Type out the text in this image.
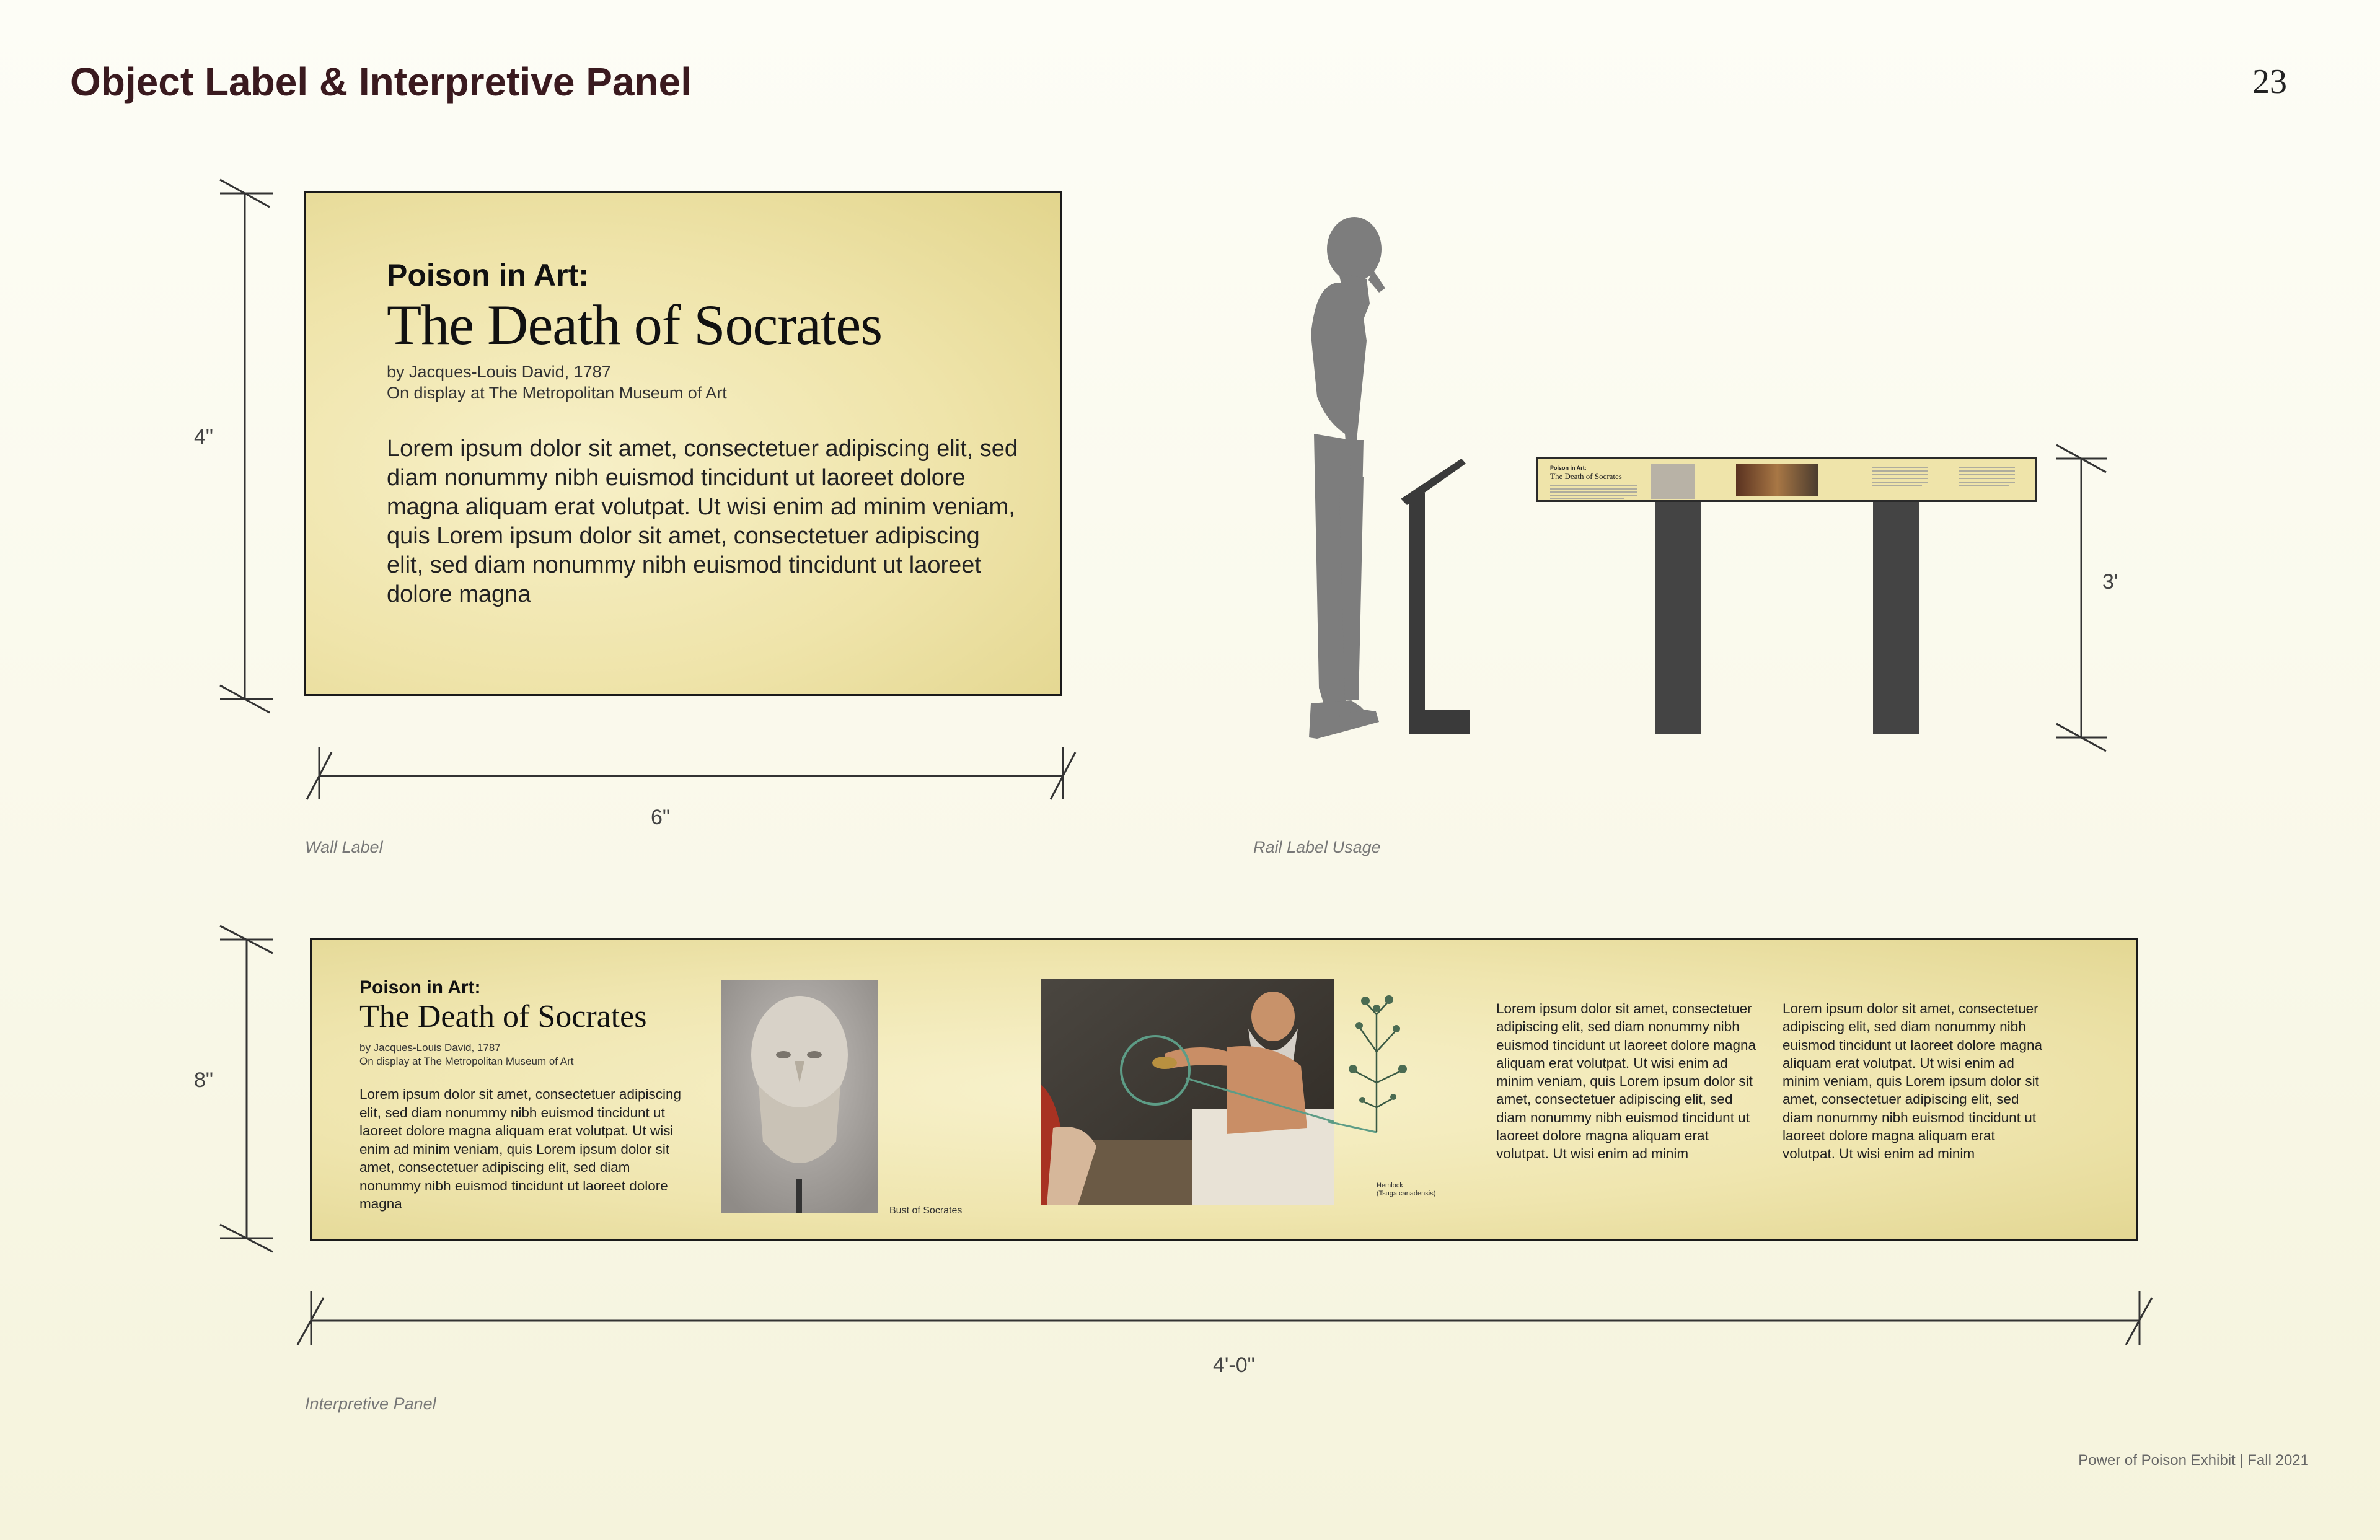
Object Label & Interpretive Panel	23
4"
6"
Wall Label
Poison in Art:
The Death of Socrates
by Jacques-Louis David, 1787
On display at The Metropolitan Museum of Art
Lorem ipsum dolor sit amet, consectetuer adipiscing elit, sed diam nonummy nibh euismod tincidunt ut laoreet dolore magna aliquam erat volutpat. Ut wisi enim ad minim veniam, quis Lorem ipsum dolor sit amet, consectetuer adipiscing elit, sed diam nonummy nibh euismod tincidunt ut laoreet dolore magna
Poison in Art:
The Death of Socrates
3'
Rail Label Usage
Poison in Art:
The Death of Socrates
by Jacques-Louis David, 1787
On display at The Metropolitan Museum of Art
Lorem ipsum dolor sit amet, consectetuer adipiscing elit, sed diam nonummy nibh euismod tincidunt ut laoreet dolore magna aliquam erat volutpat. Ut wisi enim ad minim veniam, quis Lorem ipsum dolor sit amet, consectetuer adipiscing elit, sed diam nonummy nibh euismod tincidunt ut laoreet dolore magna	Bust of Socrates
Hemlock
(Tsuga canadensis)
Lorem ipsum dolor sit amet, consectetuer adipiscing elit, sed diam nonummy nibh euismod tincidunt ut laoreet dolore magna aliquam erat volutpat. Ut wisi enim ad minim veniam, quis Lorem ipsum dolor sit amet, consectetuer adipiscing elit, sed diam nonummy nibh euismod tincidunt ut laoreet dolore magna aliquam erat volutpat. Ut wisi enim ad minim
Lorem ipsum dolor sit amet, consectetuer adipiscing elit, sed diam nonummy nibh euismod tincidunt ut laoreet dolore magna aliquam erat volutpat. Ut wisi enim ad minim veniam, quis Lorem ipsum dolor sit amet, consectetuer adipiscing elit, sed diam nonummy nibh euismod tincidunt ut laoreet dolore magna aliquam erat volutpat. Ut wisi enim ad minim
8"
4'-0"
Interpretive Panel
Power of Poison Exhibit | Fall 2021
